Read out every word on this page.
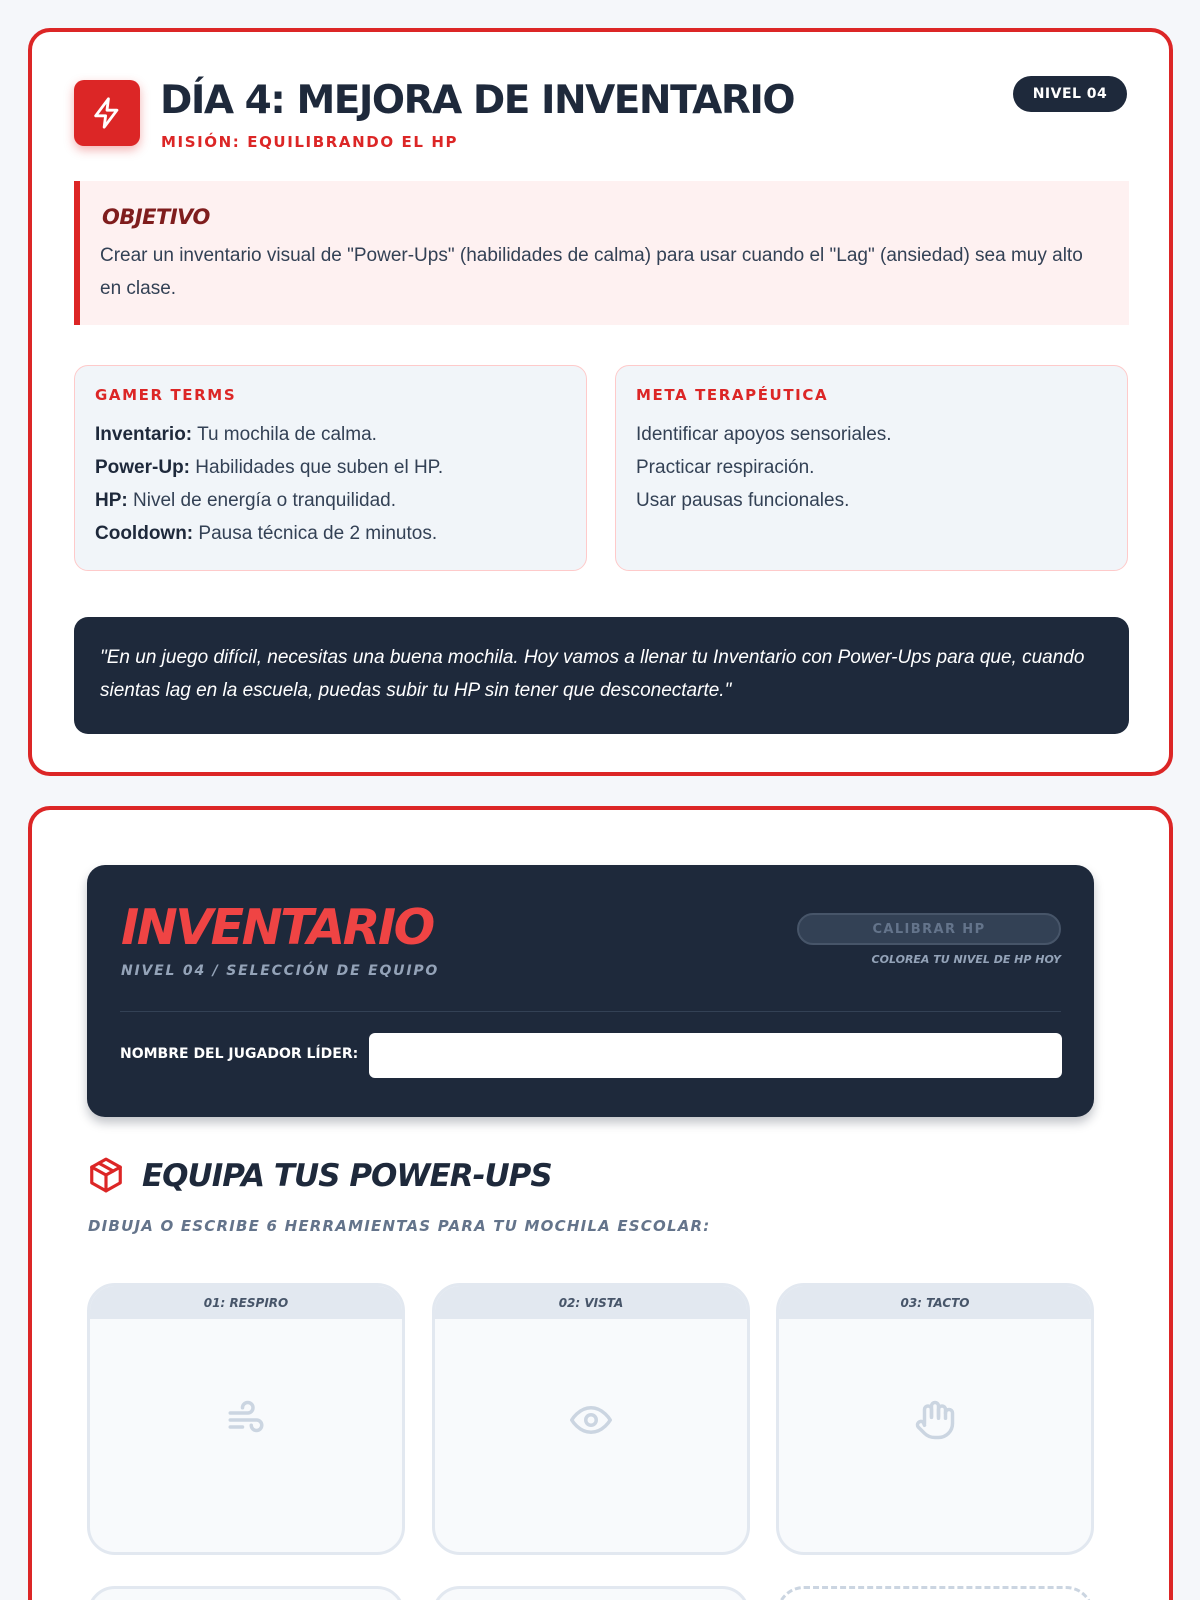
DÍA 4: MEJORA DE INVENTARIO
MISIÓN: EQUILIBRANDO EL HP
NIVEL 04
OBJETIVO
Crear un inventario visual de "Power-Ups" (habilidades de calma) para usar cuando el "Lag" (ansiedad) sea muy alto en clase.
GAMER TERMS
Inventario: Tu mochila de calma.
Power-Up: Habilidades que suben el HP.
HP: Nivel de energía o tranquilidad.
Cooldown: Pausa técnica de 2 minutos.
META TERAPÉUTICA
Identificar apoyos sensoriales.
Practicar respiración.
Usar pausas funcionales.
"En un juego difícil, necesitas una buena mochila. Hoy vamos a llenar tu Inventario con Power-Ups para que, cuando sientas lag en la escuela, puedas subir tu HP sin tener que desconectarte."
INVENTARIO
NIVEL 04 / SELECCIÓN DE EQUIPO
CALIBRAR HP
COLOREA TU NIVEL DE HP HOY
NOMBRE DEL JUGADOR LÍDER:
EQUIPA TUS POWER-UPS
DIBUJA O ESCRIBE 6 HERRAMIENTAS PARA TU MOCHILA ESCOLAR:
01: RESPIRO	02: VISTA	03: TACTO
